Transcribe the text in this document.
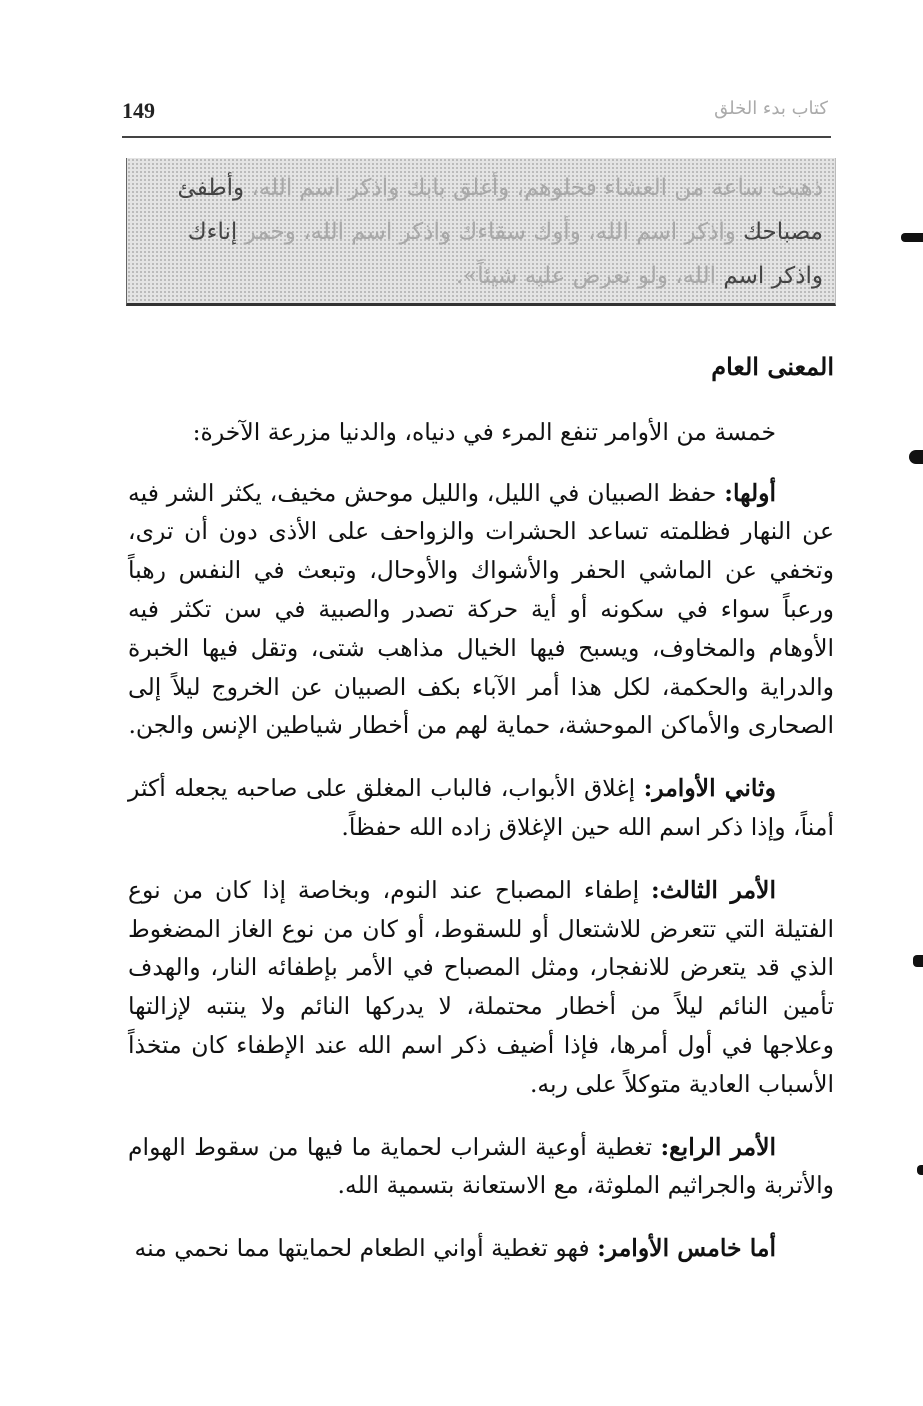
149	كتاب بدء الخلق
ذهبت ساعة من العشاء فخلوهم، وأغلق بابك واذكر اسم الله، وأطفئ
مصباحك واذكر اسم الله، وأوك سقاءك واذكر اسم الله، وخمر إناءك
واذكر اسم الله، ولو تعرض عليه شيئاً».
المعنى العام

خمسة من الأوامر تنفع المرء في دنياه، والدنيا مزرعة الآخرة:

أولها: حفظ الصبيان في الليل، والليل موحش مخيف، يكثر الشر فيه عن النهار فظلمته تساعد الحشرات والزواحف على الأذى دون أن ترى، وتخفي عن الماشي الحفر والأشواك والأوحال، وتبعث في النفس رهباً ورعباً سواء في سكونه أو أية حركة تصدر والصبية في سن تكثر فيه الأوهام والمخاوف، ويسبح فيها الخيال مذاهب شتى، وتقل فيها الخبرة والدراية والحكمة، لكل هذا أمر الآباء بكف الصبيان عن الخروج ليلاً إلى الصحارى والأماكن الموحشة، حماية لهم من أخطار شياطين الإنس والجن.

وثاني الأوامر: إغلاق الأبواب، فالباب المغلق على صاحبه يجعله أكثر أمناً، وإذا ذكر اسم الله حين الإغلاق زاده الله حفظاً.

الأمر الثالث: إطفاء المصباح عند النوم، وبخاصة إذا كان من نوع الفتيلة التي تتعرض للاشتعال أو للسقوط، أو كان من نوع الغاز المضغوط الذي قد يتعرض للانفجار، ومثل المصباح في الأمر بإطفائه النار، والهدف تأمين النائم ليلاً من أخطار محتملة، لا يدركها النائم ولا ينتبه لإزالتها وعلاجها في أول أمرها، فإذا أضيف ذكر اسم الله عند الإطفاء كان متخذاً الأسباب العادية متوكلاً على ربه.

الأمر الرابع: تغطية أوعية الشراب لحماية ما فيها من سقوط الهوام والأتربة والجراثيم الملوثة، مع الاستعانة بتسمية الله.

أما خامس الأوامر: فهو تغطية أواني الطعام لحمايتها مما نحمي منه
